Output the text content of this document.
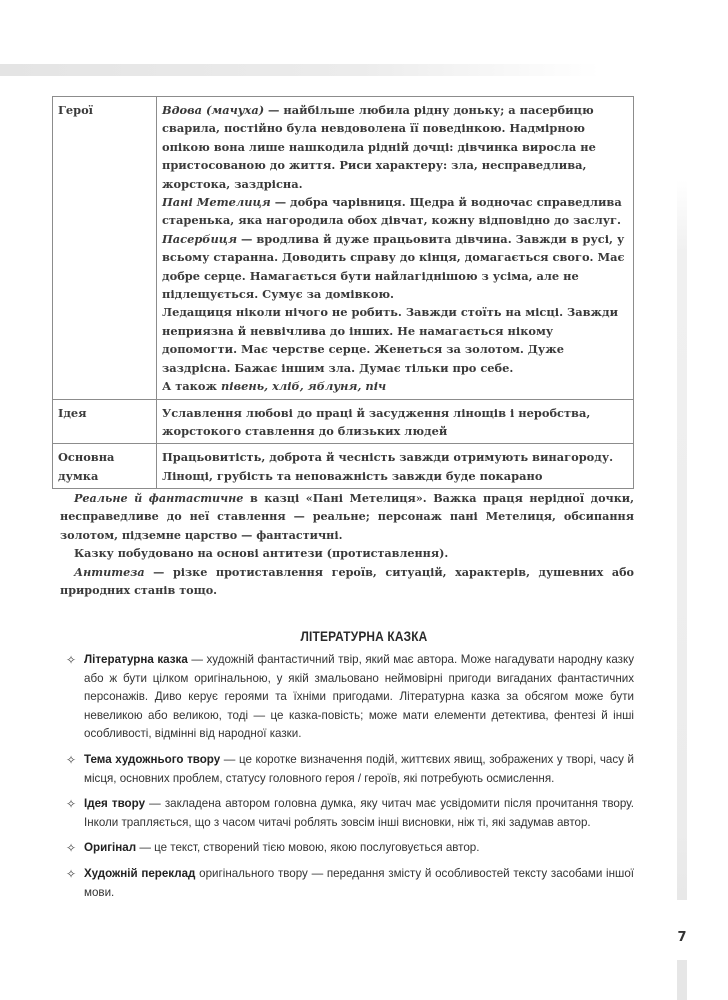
Герої	Вдова (мачуха) — найбільше любила рідну доньку; а пасербицю сварила, постійно була невдоволена її поведінкою. Надмірною опікою вона лише нашкодила рідній дочці: дівчинка виросла не пристосованою до життя. Риси характеру: зла, несправедлива, жорстока, заздрісна.
Пані Метелиця — добра чарівниця. Щедра й водночас справедлива старенька, яка нагородила обох дівчат, кожну відповідно до заслуг.
Пасербиця — вродлива й дуже працьовита дівчина. Завжди в русі, у всьому старанна. Доводить справу до кінця, домагається свого. Має добре серце. Намагається бути найлагіднішою з усіма, але не підлещується. Сумує за домівкою.
Ледащиця ніколи нічого не робить. Завжди стоїть на місці. Завжди неприязна й неввічлива до інших. Не намагається нікому допомогти. Має черстве серце. Женеться за золотом. Дуже заздрісна. Бажає іншим зла. Думає тільки про себе.
А також півень, хліб, яблуня, піч

Ідея	Уславлення любові до праці й засудження лінощів і неробства, жорстокого ставлення до близьких людей
Основна думка	Працьовитість, доброта й чесність завжди отримують винагороду. Лінощі, грубість та неповажність завжди буде покарано

Реальне й фантастичне в казці «Пані Метелиця». Важка праця нерідної дочки, несправедливе до неї ставлення — реальне; персонаж пані Метелиця, обсипання золотом, підземне царство — фантастичні.

Казку побудовано на основі антитези (протиставлення).

Антитеза — різке протиставлення героїв, ситуацій, характерів, душевних або природних станів тощо.

ЛІТЕРАТУРНА КАЗКА
✧ Літературна казка — художній фантастичний твір, який має автора. Може нагадувати народну казку або ж бути цілком оригінальною, у якій змальовано неймовірні пригоди вигаданих фантастичних персонажів. Диво керує героями та їхніми пригодами. Літературна казка за обсягом може бути невеликою або великою, тоді — це казка-повість; може мати елементи детектива, фентезі й інші особливості, відмінні від народної казки.
✧ Тема художнього твору — це коротке визначення подій, життєвих явищ, зображених у творі, часу й місця, основних проблем, статусу головного героя / героїв, які потребують осмислення.
✧ Ідея твору — закладена автором головна думка, яку читач має усвідомити після прочитання твору. Інколи трапляється, що з часом читачі роблять зовсім інші висновки, ніж ті, які задумав автор.
✧ Оригінал — це текст, створений тією мовою, якою послуговується автор.
✧ Художній переклад оригінального твору — передання змісту й особливостей тексту засобами іншої мови.
7
